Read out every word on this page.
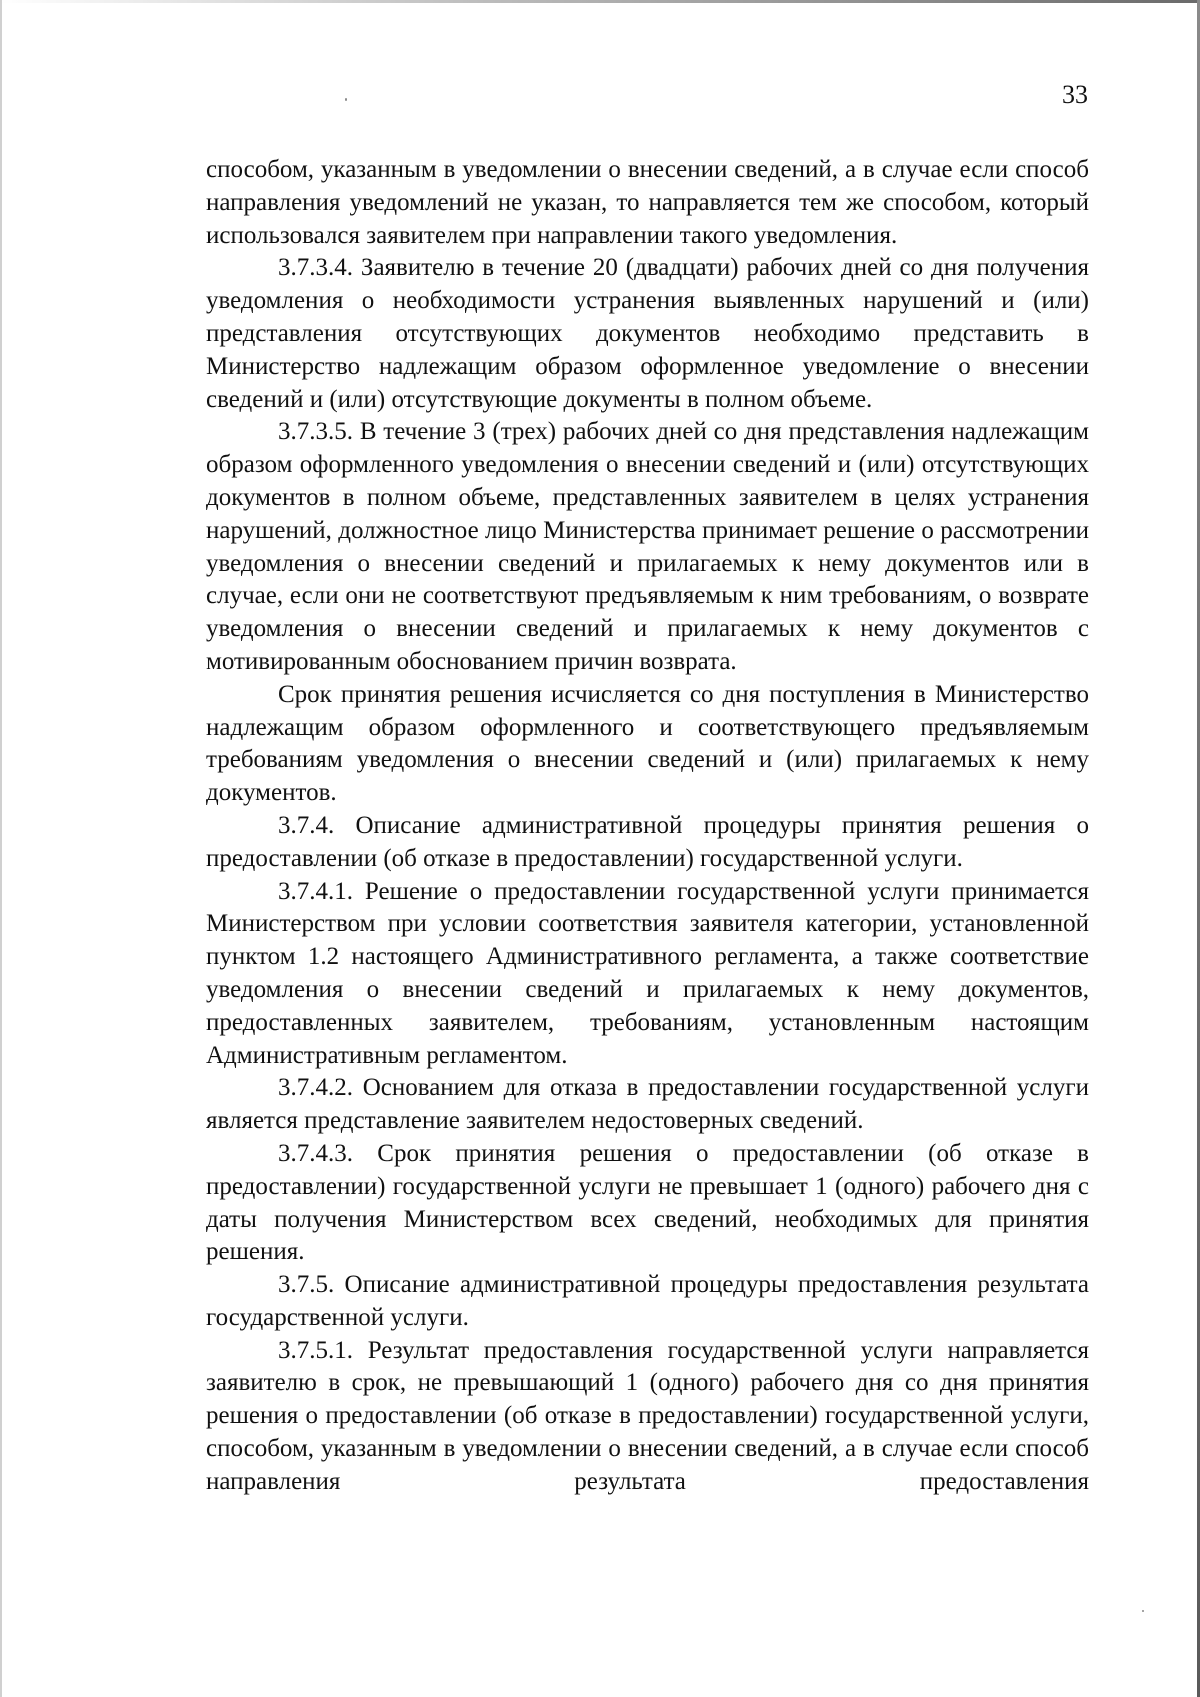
33

способом, указанным в уведомлении о внесении сведений, а в случае если способ направления уведомлений не указан, то направляется тем же способом, который использовался заявителем при направлении такого уведомления.

3.7.3.4. Заявителю в течение 20 (двадцати) рабочих дней со дня получения уведомления о необходимости устранения выявленных нарушений и (или) представления отсутствующих документов необходимо представить в Министерство надлежащим образом оформленное уведомление о внесении сведений и (или) отсутствующие документы в полном объеме.

3.7.3.5. В течение 3 (трех) рабочих дней со дня представления надлежащим образом оформленного уведомления о внесении сведений и (или) отсутствующих документов в полном объеме, представленных заявителем в целях устранения нарушений, должностное лицо Министерства принимает решение о рассмотрении уведомления о внесении сведений и прилагаемых к нему документов или в случае, если они не соответствуют предъявляемым к ним требованиям, о возврате уведомления о внесении сведений и прилагаемых к нему документов с мотивированным обоснованием причин возврата.

Срок принятия решения исчисляется со дня поступления в Министерство надлежащим образом оформленного и соответствующего предъявляемым требованиям уведомления о внесении сведений и (или) прилагаемых к нему документов.

3.7.4. Описание административной процедуры принятия решения о предоставлении (об отказе в предоставлении) государственной услуги.

3.7.4.1. Решение о предоставлении государственной услуги принимается Министерством при условии соответствия заявителя категории, установленной пунктом 1.2 настоящего Административного регламента, а также соответствие уведомления о внесении сведений и прилагаемых к нему документов, предоставленных заявителем, требованиям, установленным настоящим Административным регламентом.

3.7.4.2. Основанием для отказа в предоставлении государственной услуги является представление заявителем недостоверных сведений.

3.7.4.3. Срок принятия решения о предоставлении (об отказе в предоставлении) государственной услуги не превышает 1 (одного) рабочего дня с даты получения Министерством всех сведений, необходимых для принятия решения.

3.7.5. Описание административной процедуры предоставления результата государственной услуги.

3.7.5.1. Результат предоставления государственной услуги направляется заявителю в срок, не превышающий 1 (одного) рабочего дня со дня принятия решения о предоставлении (об отказе в предоставлении) государственной услуги, способом, указанным в уведомлении о внесении сведений, а в случае если способ направления результата предоставления
